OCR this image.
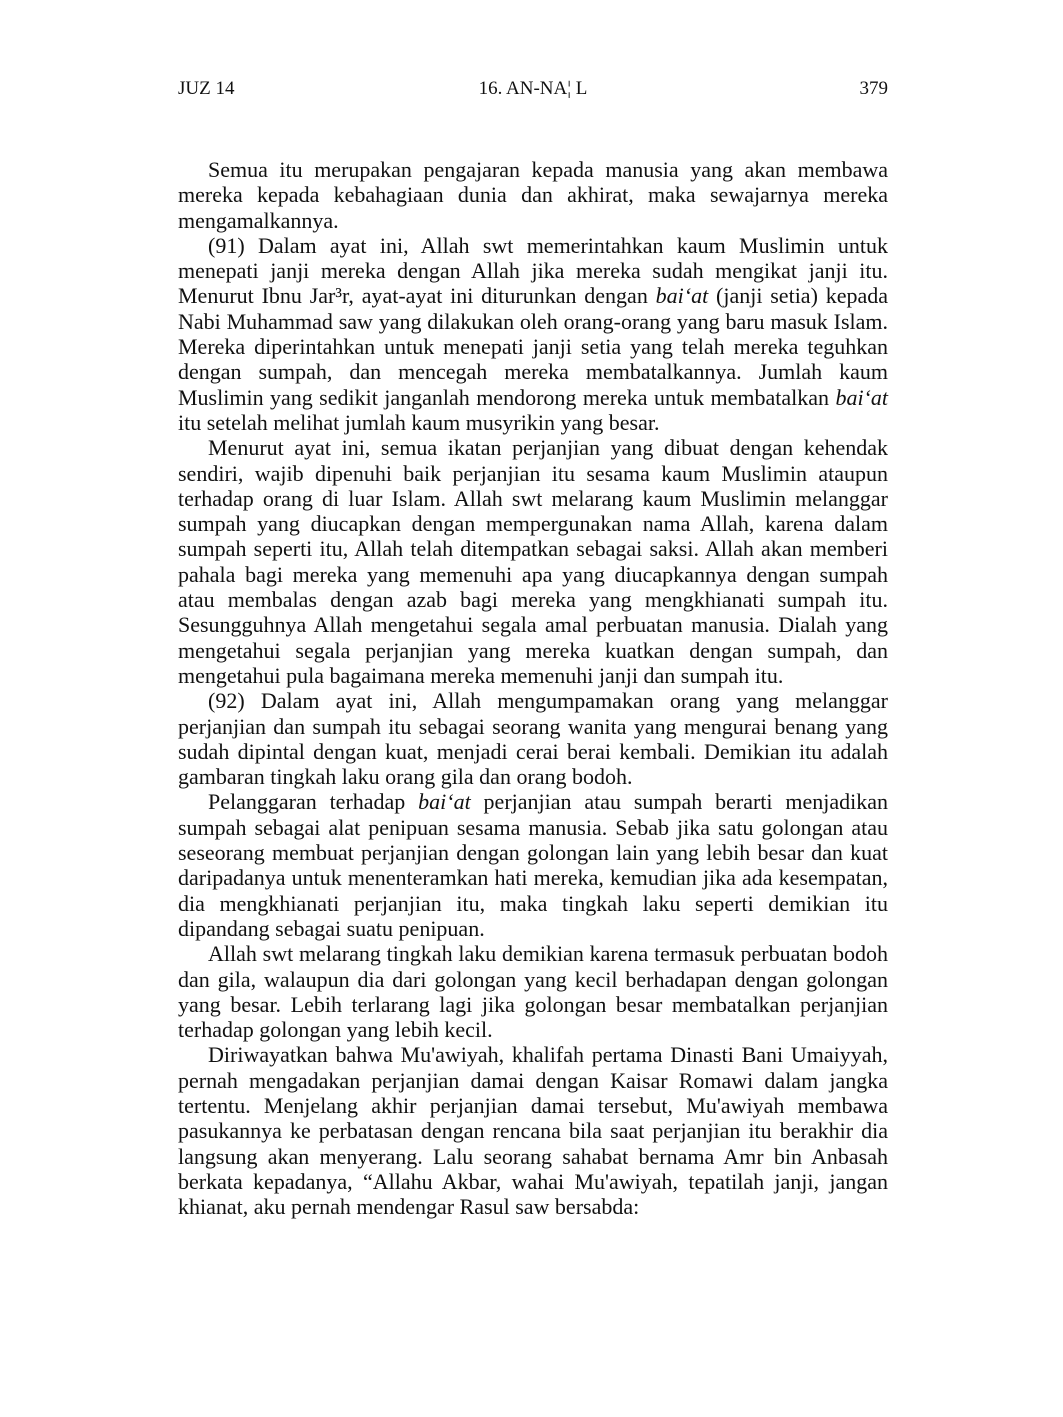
JUZ 14	16. AN-NA¦ L	379

Semua itu merupakan pengajaran kepada manusia yang akan membawa mereka kepada kebahagiaan dunia dan akhirat, maka sewajarnya mereka mengamalkannya.

(91) Dalam ayat ini, Allah swt memerintahkan kaum Muslimin untuk menepati janji mereka dengan Allah jika mereka sudah mengikat janji itu. Menurut Ibnu Jar³r, ayat-ayat ini diturunkan dengan bai‘at (janji setia) kepada Nabi Muhammad saw yang dilakukan oleh orang-orang yang baru masuk Islam. Mereka diperintahkan untuk menepati janji setia yang telah mereka teguhkan dengan sumpah, dan mencegah mereka membatalkannya. Jumlah kaum Muslimin yang sedikit janganlah mendorong mereka untuk membatalkan bai‘at itu setelah melihat jumlah kaum musyrikin yang besar.

Menurut ayat ini, semua ikatan perjanjian yang dibuat dengan kehendak sendiri, wajib dipenuhi baik perjanjian itu sesama kaum Muslimin ataupun terhadap orang di luar Islam. Allah swt melarang kaum Muslimin melanggar sumpah yang diucapkan dengan mempergunakan nama Allah, karena dalam sumpah seperti itu, Allah telah ditempatkan sebagai saksi. Allah akan memberi pahala bagi mereka yang memenuhi apa yang diucapkannya dengan sumpah atau membalas dengan azab bagi mereka yang mengkhianati sumpah itu. Sesungguhnya Allah mengetahui segala amal perbuatan manusia. Dialah yang mengetahui segala perjanjian yang mereka kuatkan dengan sumpah, dan mengetahui pula bagaimana mereka memenuhi janji dan sumpah itu.

(92) Dalam ayat ini, Allah mengumpamakan orang yang melanggar perjanjian dan sumpah itu sebagai seorang wanita yang mengurai benang yang sudah dipintal dengan kuat, menjadi cerai berai kembali. Demikian itu adalah gambaran tingkah laku orang gila dan orang bodoh.

Pelanggaran terhadap bai‘at perjanjian atau sumpah berarti menjadikan sumpah sebagai alat penipuan sesama manusia. Sebab jika satu golongan atau seseorang membuat perjanjian dengan golongan lain yang lebih besar dan kuat daripadanya untuk menenteramkan hati mereka, kemudian jika ada kesempatan, dia mengkhianati perjanjian itu, maka tingkah laku seperti demikian itu dipandang sebagai suatu penipuan.

Allah swt melarang tingkah laku demikian karena termasuk perbuatan bodoh dan gila, walaupun dia dari golongan yang kecil berhadapan dengan golongan yang besar. Lebih terlarang lagi jika golongan besar membatalkan perjanjian terhadap golongan yang lebih kecil.

Diriwayatkan bahwa Mu'awiyah, khalifah pertama Dinasti Bani Umaiyyah, pernah mengadakan perjanjian damai dengan Kaisar Romawi dalam jangka tertentu. Menjelang akhir perjanjian damai tersebut, Mu'awiyah membawa pasukannya ke perbatasan dengan rencana bila saat perjanjian itu berakhir dia langsung akan menyerang. Lalu seorang sahabat bernama Amr bin Anbasah berkata kepadanya, “Allahu Akbar, wahai Mu'awiyah, tepatilah janji, jangan khianat, aku pernah mendengar Rasul saw bersabda:
